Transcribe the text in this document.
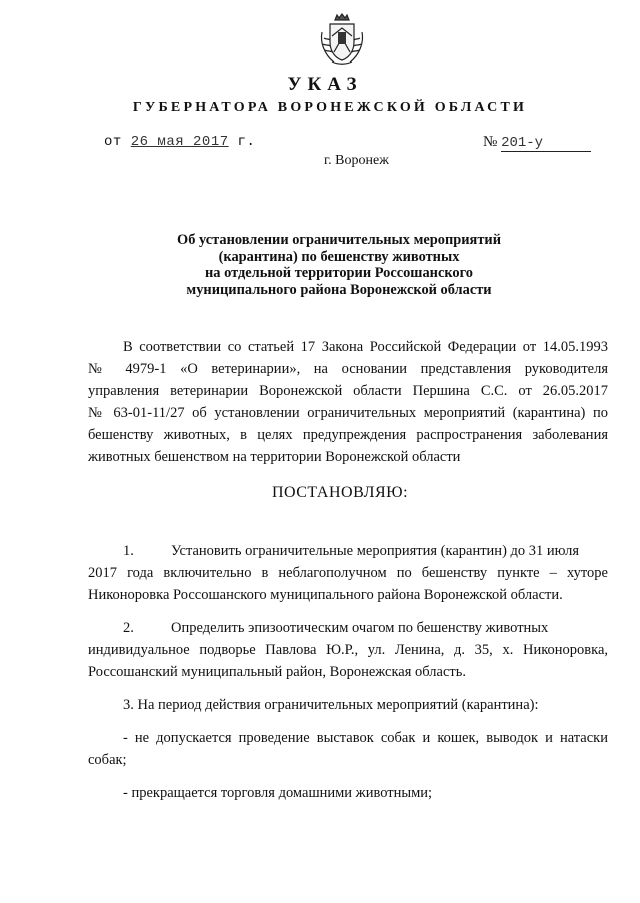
УКАЗ
ГУБЕРНАТОРА ВОРОНЕЖСКОЙ ОБЛАСТИ
от 26 мая 2017 г.	№ 201-у
г. Воронеж
Об установлении ограничительных мероприятий
(карантина) по бешенству животных
на отдельной территории Россошанского
муниципального района Воронежской области
В соответствии со статьей 17 Закона Российской Федерации от 14.05.1993
№ 4979-1 «О ветеринарии», на основании представления руководителя
управления ветеринарии Воронежской области Першина С.С. от 26.05.2017
№ 63-01-11/27 об установлении ограничительных мероприятий (карантина) по
бешенству животных, в целях предупреждения распространения заболевания
животных бешенством на территории Воронежской области
ПОСТАНОВЛЯЮ:
1.	Установить ограничительные мероприятия (карантин) до 31 июля
2017 года включительно в неблагополучном по бешенству пункте – хуторе
Никоноровка Россошанского муниципального района Воронежской области.
2.	Определить эпизоотическим очагом по бешенству животных
индивидуальное подворье Павлова Ю.Р., ул. Ленина, д. 35, х. Никоноровка,
Россошанский муниципальный район, Воронежская область.
3. На период действия ограничительных мероприятий (карантина):
- не допускается проведение выставок собак и кошек, выводок и натаски
собак;
- прекращается торговля домашними животными;
